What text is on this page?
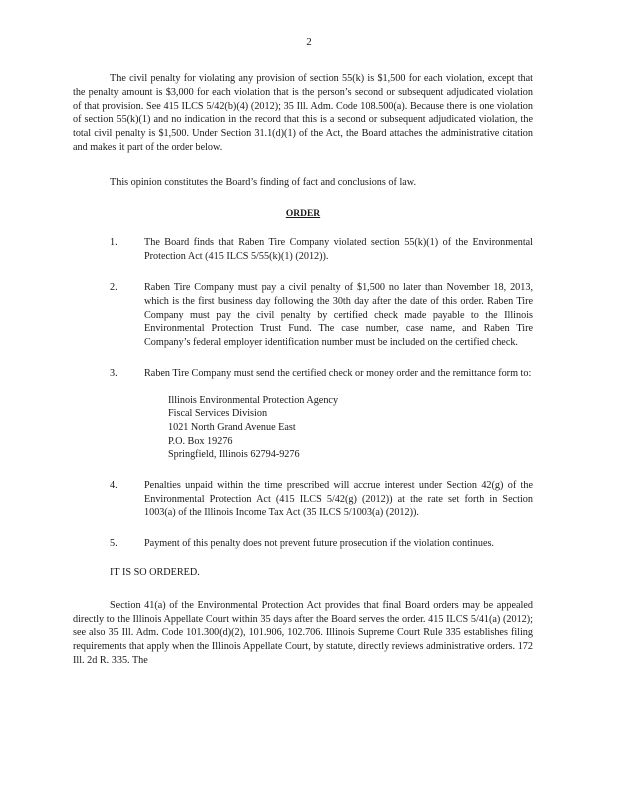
2

The civil penalty for violating any provision of section 55(k) is $1,500 for each violation, except that the penalty amount is $3,000 for each violation that is the person’s second or subsequent adjudicated violation of that provision. See 415 ILCS 5/42(b)(4) (2012); 35 Ill. Adm. Code 108.500(a). Because there is one violation of section 55(k)(1) and no indication in the record that this is a second or subsequent adjudicated violation, the total civil penalty is $1,500. Under Section 31.1(d)(1) of the Act, the Board attaches the administrative citation and makes it part of the order below.

This opinion constitutes the Board’s finding of fact and conclusions of law.

ORDER

1.	The Board finds that Raben Tire Company violated section 55(k)(1) of the Environmental Protection Act (415 ILCS 5/55(k)(1) (2012)).

2.	Raben Tire Company must pay a civil penalty of $1,500 no later than November 18, 2013, which is the first business day following the 30th day after the date of this order. Raben Tire Company must pay the civil penalty by certified check made payable to the Illinois Environmental Protection Trust Fund. The case number, case name, and Raben Tire Company’s federal employer identification number must be included on the certified check.

3.	Raben Tire Company must send the certified check or money order and the remittance form to:

Illinois Environmental Protection Agency
Fiscal Services Division
1021 North Grand Avenue East
P.O. Box 19276
Springfield, Illinois 62794-9276
4.	Penalties unpaid within the time prescribed will accrue interest under Section 42(g) of the Environmental Protection Act (415 ILCS 5/42(g) (2012)) at the rate set forth in Section 1003(a) of the Illinois Income Tax Act (35 ILCS 5/1003(a) (2012)).

5.	Payment of this penalty does not prevent future prosecution if the violation continues.

IT IS SO ORDERED.

Section 41(a) of the Environmental Protection Act provides that final Board orders may be appealed directly to the Illinois Appellate Court within 35 days after the Board serves the order. 415 ILCS 5/41(a) (2012); see also 35 Ill. Adm. Code 101.300(d)(2), 101.906, 102.706. Illinois Supreme Court Rule 335 establishes filing requirements that apply when the Illinois Appellate Court, by statute, directly reviews administrative orders. 172 Ill. 2d R. 335. The
